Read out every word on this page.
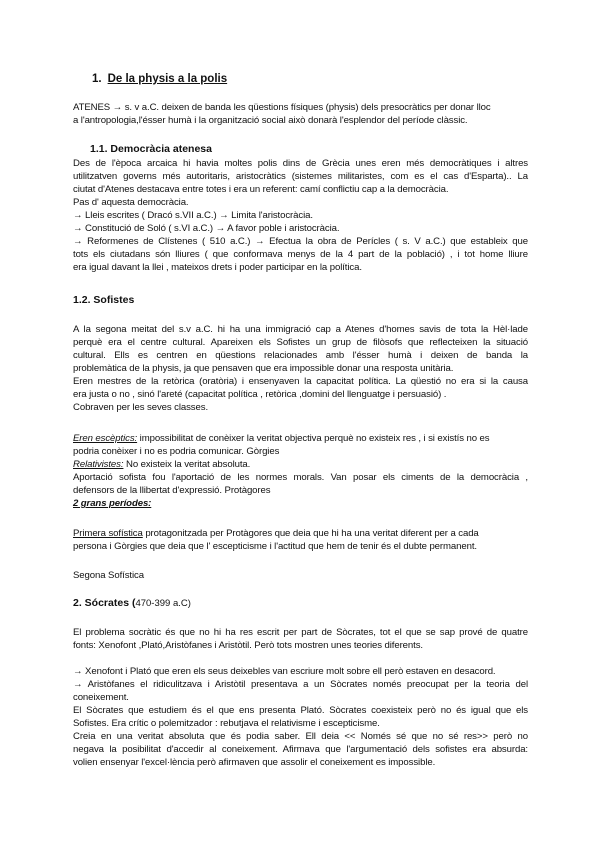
1. De la physis a la polis
ATENES → s. v a.C. deixen de banda les qüestions físiques (physis) dels presocràtics per donar lloc
a l'antropologia,l'ésser humà i la organització social això donarà l'esplendor del període clàssic.
1.1. Democràcia atenesa
Des de l'època arcaica hi havia moltes polis dins de Grècia unes eren més democràtiques i altres
utilitzatven governs més autoritaris, aristocràtics (sistemes militaristes, com es el cas d'Esparta).. La
ciutat d'Atenes destacava entre totes i era un referent: camí conflictiu cap a la democràcia.
Pas d' aquesta democràcia.
→ Lleis escrites ( Dracó s.VII a.C.) → Limita l'aristocràcia.
→ Constitució de Soló ( s.VI a.C.) → A favor poble i aristocràcia.
→ Reformenes de Clístenes ( 510 a.C.) → Efectua la obra de Perícles ( s. V a.C.) que estableix que
tots els ciutadans són lliures ( que conformava menys de la 4 part de la població) , i tot home lliure
era igual davant la llei , mateixos drets i poder participar en la política.
1.2. Sofistes
A la segona meitat del s.v a.C. hi ha una immigració cap a Atenes d'homes savis de tota la Hèl·lade
perquè era el centre cultural. Apareixen els Sofistes un grup de filòsofs que reflecteixen la situació
cultural. Ells es centren en qüestions relacionades amb l'ésser humà i deixen de banda la
problemàtica de la physis, ja que pensaven que era impossible donar una resposta unitària.
Eren mestres de la retòrica (oratòria) i ensenyaven la capacitat política. La qüestió no era si la causa
era justa o no , sinó l'areté (capacitat política , retòrica ,domini del llenguatge i persuasió) .
Cobraven per les seves classes.
Eren escèptics: impossibilitat de conèixer la veritat objectiva perquè no existeix res , i si existís no es
podria conèixer i no es podria comunicar. Gòrgies
Relativistes: No existeix la veritat absoluta.
Aportació sofista fou l'aportació de les normes morals. Van posar els ciments de la democràcia ,
defensors de la llibertat d'expressió. Protàgores
2 grans períodes:
Primera sofística protagonitzada per Protàgores que deia que hi ha una veritat diferent per a cada
persona i Gòrgies que deia que l' escepticisme i l'actitud que hem de tenir és el dubte permanent.
Segona Sofística
2. Sócrates (470-399 a.C)
El problema socràtic és que no hi ha res escrit per part de Sòcrates, tot el que se sap prové de quatre
fonts: Xenofont ,Plató,Aristòfanes i Aristòtil. Però tots mostren unes teories diferents.
→ Xenofont i Plató que eren els seus deixebles van escriure molt sobre ell però estaven en desacord.
→ Aristòfanes el ridiculitzava i Aristòtil presentava a un Sòcrates només preocupat per la teoria del
coneixement.
El Sòcrates que estudiem és el que ens presenta Plató. Sòcrates coexisteix però no és igual que els
Sofistes. Era crític o polemitzador : rebutjava el relativisme i escepticisme.
Creia en una veritat absoluta que és podia saber. Ell deia << Només sé que no sé res>> però no
negava la posibilitat d'accedir al coneixement. Afirmava que l'argumentació dels sofistes era absurda:
volien ensenyar l'excel·lència però afirmaven que assolir el coneixement es impossible.
